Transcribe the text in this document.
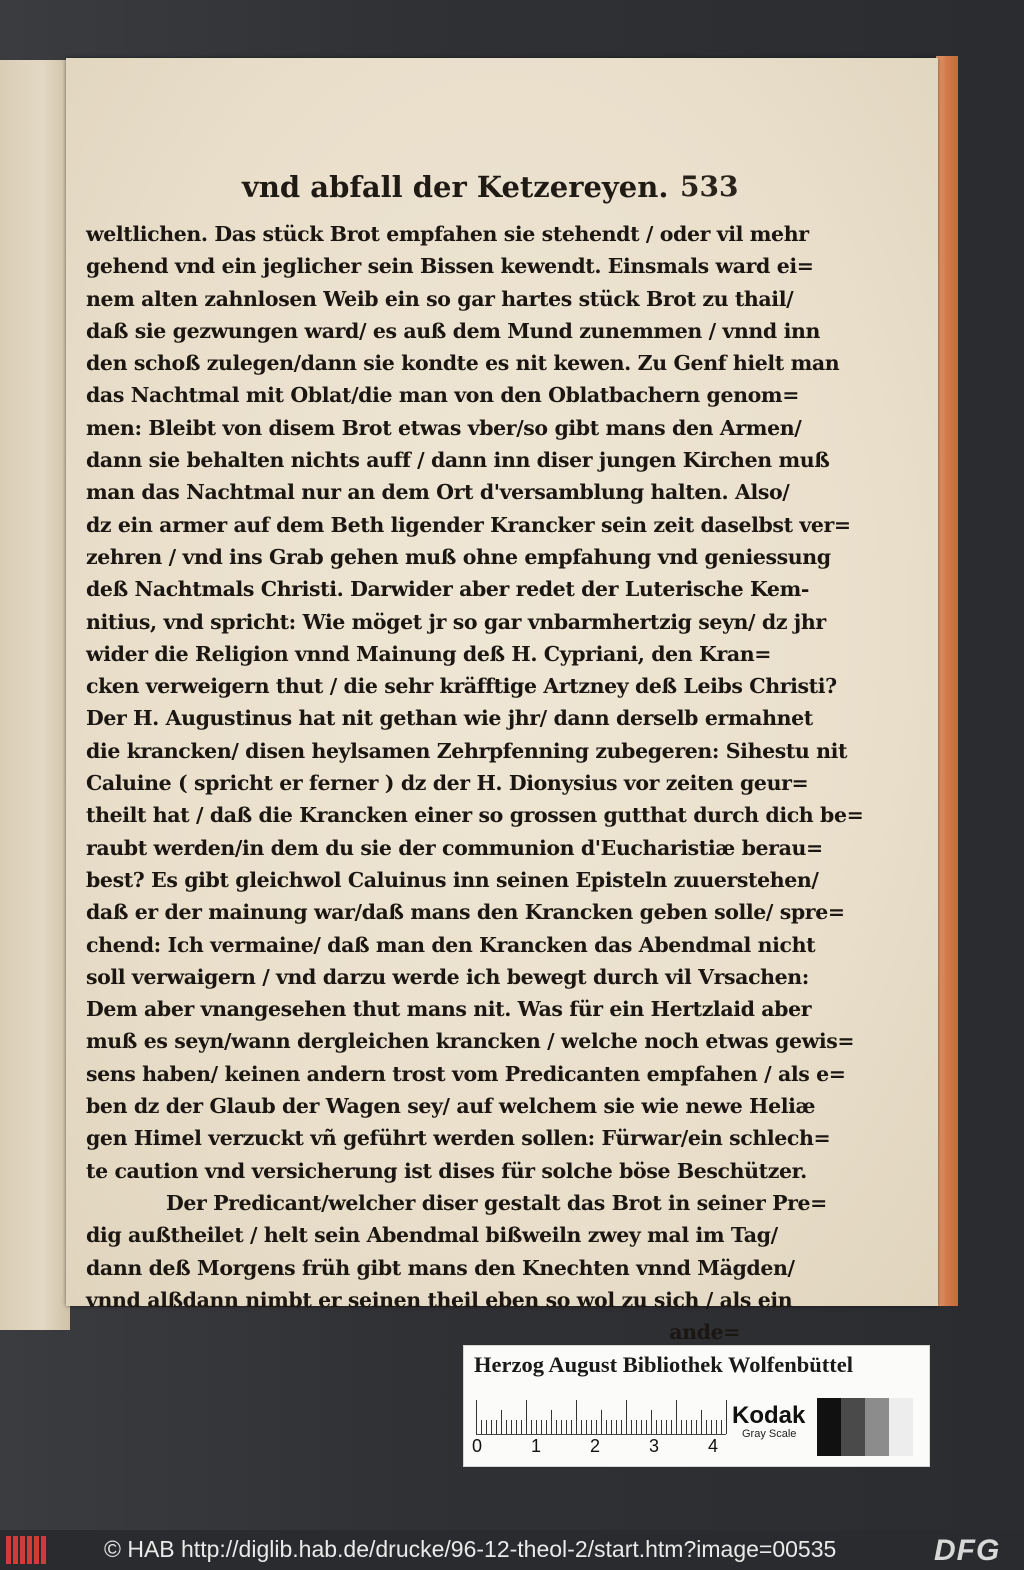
vnd abfall der Ketzereyen. 533
weltlichen. Das stück Brot empfahen sie stehendt / oder vil mehr
gehend vnd ein jeglicher sein Bissen kewendt. Einsmals ward ei=
nem alten zahnlosen Weib ein so gar hartes stück Brot zu thail/
daß sie gezwungen ward/ es auß dem Mund zunemmen / vnnd inn
den schoß zulegen/dann sie kondte es nit kewen. Zu Genf hielt man
das Nachtmal mit Oblat/die man von den Oblatbachern genom=
men: Bleibt von disem Brot etwas vber/so gibt mans den Armen/
dann sie behalten nichts auff / dann inn diser jungen Kirchen muß
man das Nachtmal nur an dem Ort d'versamblung halten. Also/
dz ein armer auf dem Beth ligender Krancker sein zeit daselbst ver=
zehren / vnd ins Grab gehen muß ohne empfahung vnd geniessung
deß Nachtmals Christi. Darwider aber redet der Luterische Kem-
nitius, vnd spricht: Wie möget jr so gar vnbarmhertzig seyn/ dz jhr
wider die Religion vnnd Mainung deß H. Cypriani, den Kran=
cken verweigern thut / die sehr kräfftige Artzney deß Leibs Christi?
Der H. Augustinus hat nit gethan wie jhr/ dann derselb ermahnet
die krancken/ disen heylsamen Zehrpfenning zubegeren: Sihestu nit
Caluine ( spricht er ferner ) dz der H. Dionysius vor zeiten geur=
theilt hat / daß die Krancken einer so grossen gutthat durch dich be=
raubt werden/in dem du sie der communion d'Eucharistiæ berau=
best? Es gibt gleichwol Caluinus inn seinen Episteln zuuerstehen/
daß er der mainung war/daß mans den Krancken geben solle/ spre=
chend: Ich vermaine/ daß man den Krancken das Abendmal nicht
soll verwaigern / vnd darzu werde ich bewegt durch vil Vrsachen:
Dem aber vnangesehen thut mans nit. Was für ein Hertzlaid aber
muß es seyn/wann dergleichen krancken / welche noch etwas gewis=
sens haben/ keinen andern trost vom Predicanten empfahen / als e=
ben dz der Glaub der Wagen sey/ auf welchem sie wie newe Heliæ
gen Himel verzuckt vñ geführt werden sollen: Fürwar/ein schlech=
te caution vnd versicherung ist dises für solche böse Beschützer.
Der Predicant/welcher diser gestalt das Brot in seiner Pre=
dig außtheilet / helt sein Abendmal bißweiln zwey mal im Tag/
dann deß Morgens früh gibt mans den Knechten vnnd Mägden/
vnnd alßdann nimbt er seinen theil eben so wol zu sich / als ein
ande=
Herzog August Bibliothek Wolfenbüttel
0	1	2	3	4
Kodak
Gray Scale
© HAB http://diglib.hab.de/drucke/96-12-theol-2/start.htm?image=00535	DFG
